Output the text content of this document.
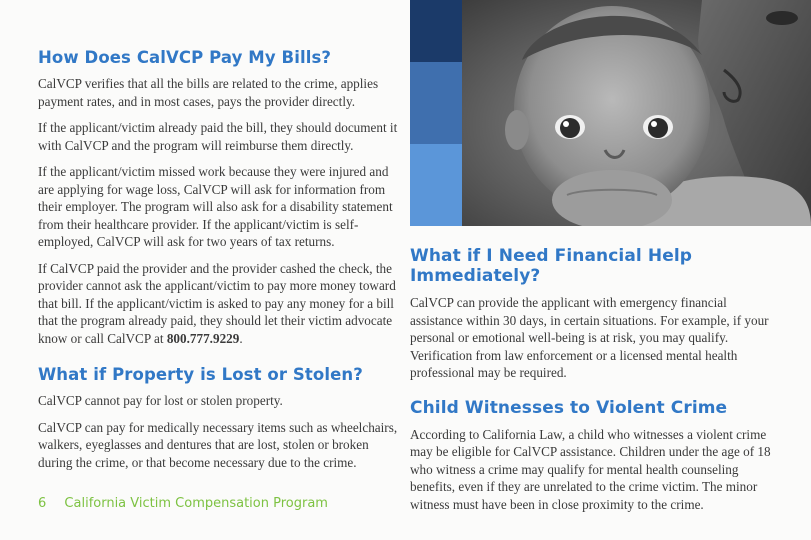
How Does CalVCP Pay My Bills?

CalVCP verifies that all the bills are related to the crime, applies payment rates, and in most cases, pays the provider directly.

If the applicant/victim already paid the bill, they should document it with CalVCP and the program will reimburse them directly.

If the applicant/victim missed work because they were injured and are applying for wage loss, CalVCP will ask for information from their employer. The program will also ask for a disability statement from their healthcare provider. If the applicant/victim is self-employed, CalVCP will ask for two years of tax returns.

If CalVCP paid the provider and the provider cashed the check, the provider cannot ask the applicant/victim to pay more money toward that bill. If the applicant/victim is asked to pay any money for a bill that the program already paid, they should let their victim advocate know or call CalVCP at 800.777.9229.

What if Property is Lost or Stolen?

CalVCP cannot pay for lost or stolen property.

CalVCP can pay for medically necessary items such as wheelchairs, walkers, eyeglasses and dentures that are lost, stolen or broken during the crime, or that become necessary due to the crime.

What if I Need Financial Help Immediately?

CalVCP can provide the applicant with emergency financial assistance within 30 days, in certain situations. For example, if your personal or emotional well-being is at risk, you may qualify. Verification from law enforcement or a licensed mental health professional may be required.

Child Witnesses to Violent Crime

According to California Law, a child who witnesses a violent crime may be eligible for CalVCP assistance. Children under the age of 18 who witness a crime may qualify for mental health counseling benefits, even if they are unrelated to the crime victim. The minor witness must have been in close proximity to the crime.

6 California Victim Compensation Program
